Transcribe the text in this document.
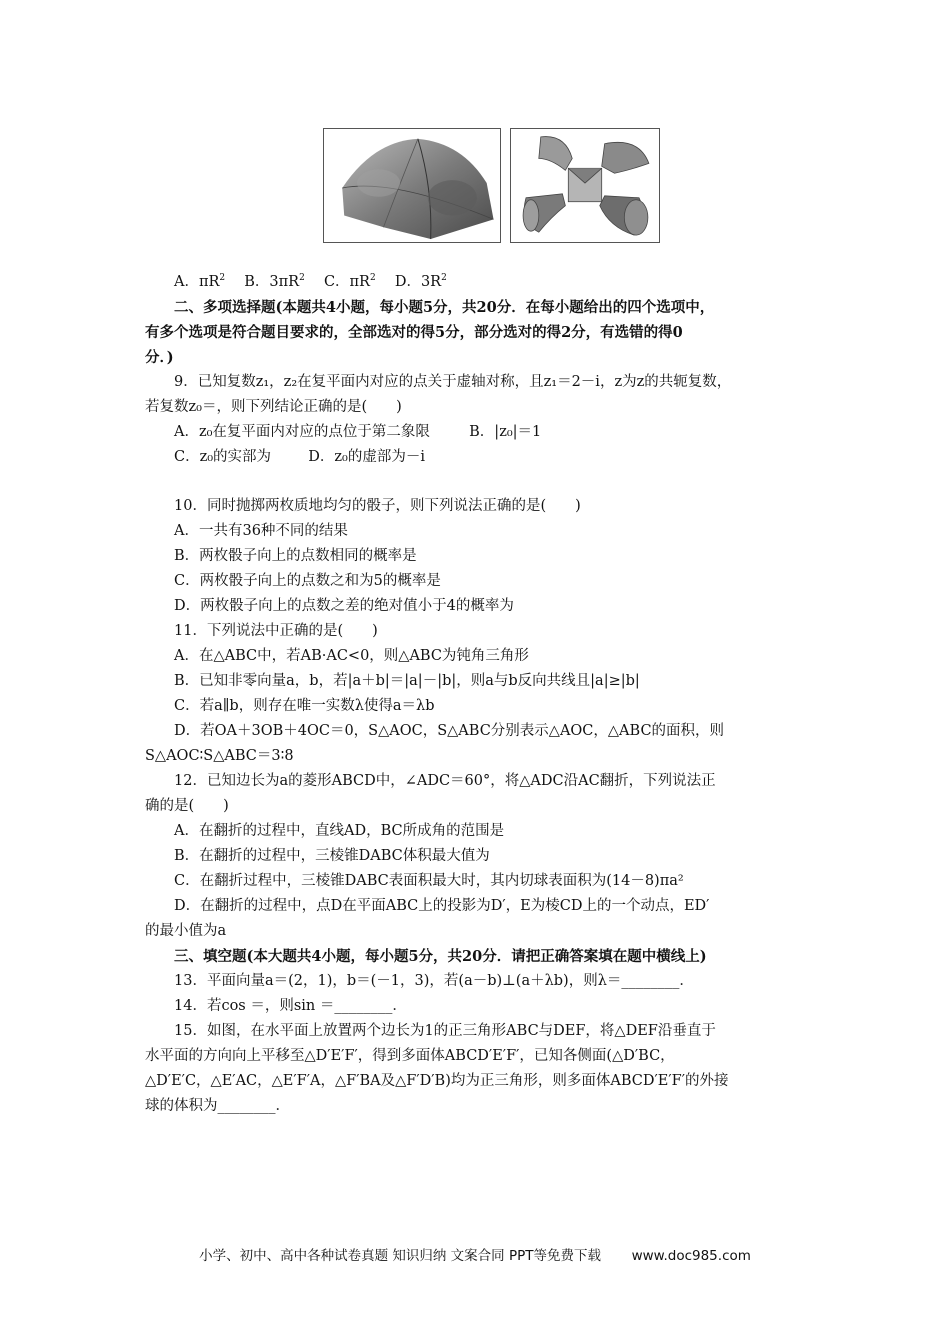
A．$\pi R^2$　 B．$3\pi R^2$　 C．$\pi R^2$　 D．$3R^2$
二、多项选择题(本题共4小题，每小题5分，共20分．在每小题给出的四个选项中，
有多个选项是符合题目要求的，全部选对的得5分，部分选对的得2分，有选错的得0
分．)
9．已知复数z₁，z₂在复平面内对应的点关于虚轴对称，且z₁＝2－i，z为z的共轭复数，
若复数z₀＝，则下列结论正确的是(　　)
A．z₀在复平面内对应的点位于第二象限	B．|z₀|＝1
C．z₀的实部为	D．z₀的虚部为－i
10．同时抛掷两枚质地均匀的骰子，则下列说法正确的是(　　)
A．一共有36种不同的结果
B．两枚骰子向上的点数相同的概率是
C．两枚骰子向上的点数之和为5的概率是
D．两枚骰子向上的点数之差的绝对值小于4的概率为
11．下列说法中正确的是(　　)
A．在△ABC中，若AB·AC<0，则△ABC为钝角三角形
B．已知非零向量a，b，若|a＋b|＝|a|－|b|，则a与b反向共线且|a|≥|b|
C．若a∥b，则存在唯一实数λ使得a＝λb
D．若OA＋3OB＋4OC＝0，S△AOC，S△ABC分别表示△AOC，△ABC的面积，则
S△AOC∶S△ABC＝3∶8
12．已知边长为a的菱形ABCD中，∠ADC＝60°，将△ADC沿AC翻折，下列说法正
确的是(　　)
A．在翻折的过程中，直线AD，BC所成角的范围是
B．在翻折的过程中，三棱锥DABC体积最大值为
C．在翻折过程中，三棱锥DABC表面积最大时，其内切球表面积为(14－8)πa²
D．在翻折的过程中，点D在平面ABC上的投影为D′，E为棱CD上的一个动点，ED′
的最小值为a
三、填空题(本大题共4小题，每小题5分，共20分．请把正确答案填在题中横线上)
13．平面向量a＝(2，1)，b＝(－1，3)，若(a－b)⊥(a＋λb)，则λ＝________．
14．若cos ＝，则sin ＝________．
15．如图，在水平面上放置两个边长为1的正三角形ABC与DEF，将△DEF沿垂直于
水平面的方向向上平移至△D′E′F′，得到多面体ABCD′E′F′，已知各侧面(△D′BC，
△D′E′C，△E′AC，△E′F′A，△F′BA及△F′D′B)均为正三角形，则多面体ABCD′E′F′的外接
球的体积为________．
小学、初中、高中各种试卷真题 知识归纳 文案合同 PPT等免费下载 www.doc985.com
